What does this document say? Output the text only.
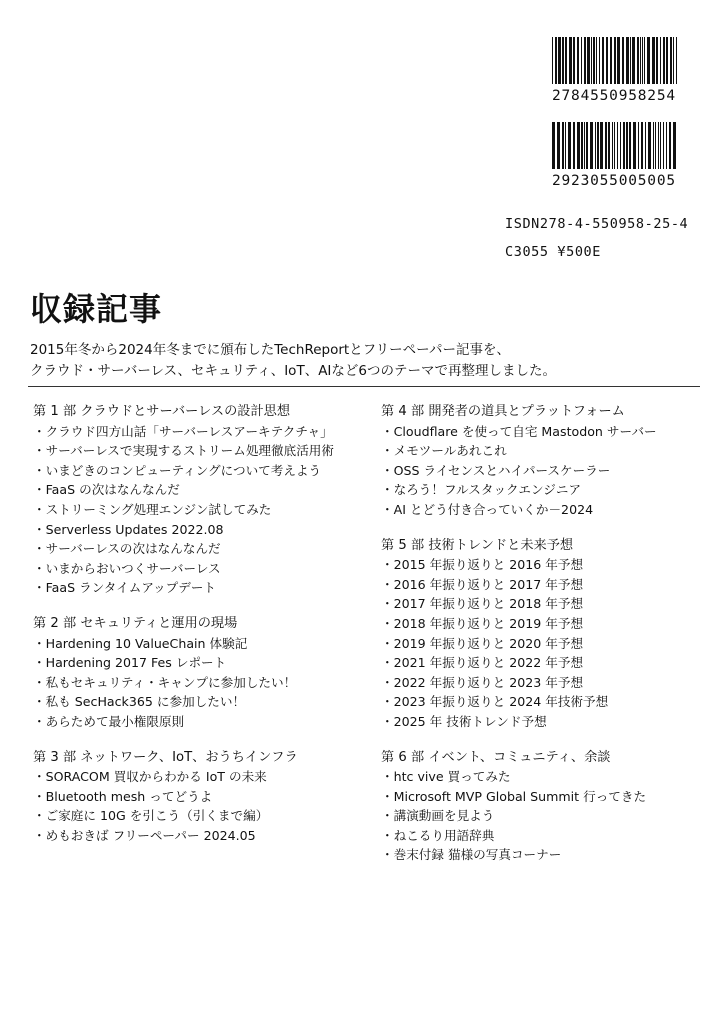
2784550958254
2923055005005
ISDN278-4-550958-25-4
C3055 ¥500E
収録記事
2015年冬から2024年冬までに頒布したTechReportとフリーペーパー記事を、
クラウド・サーバーレス、セキュリティ、IoT、AIなど6つのテーマで再整理しました。
第 1 部 クラウドとサーバーレスの設計思想
・クラウド四方山話「サーバーレスアーキテクチャ」
・サーバーレスで実現するストリーム処理徹底活用術
・いまどきのコンピューティングについて考えよう
・FaaS の次はなんなんだ
・ストリーミング処理エンジン試してみた
・Serverless Updates 2022.08
・サーバーレスの次はなんなんだ
・いまからおいつくサーバーレス
・FaaS ランタイムアップデート
第 2 部 セキュリティと運用の現場
・Hardening 10 ValueChain 体験記
・Hardening 2017 Fes レポート
・私もセキュリティ・キャンプに参加したい！
・私も SecHack365 に参加したい！
・あらためて最小権限原則
第 3 部 ネットワーク、IoT、おうちインフラ
・SORACOM 買収からわかる IoT の未来
・Bluetooth mesh ってどうよ
・ご家庭に 10G を引こう（引くまで編）
・めもおきば フリーペーパー 2024.05
第 4 部 開発者の道具とプラットフォーム
・Cloudflare を使って自宅 Mastodon サーバー
・メモツールあれこれ
・OSS ライセンスとハイパースケーラー
・なろう！フルスタックエンジニア
・AI とどう付き合っていくか－2024
第 5 部 技術トレンドと未来予想
・2015 年振り返りと 2016 年予想
・2016 年振り返りと 2017 年予想
・2017 年振り返りと 2018 年予想
・2018 年振り返りと 2019 年予想
・2019 年振り返りと 2020 年予想
・2021 年振り返りと 2022 年予想
・2022 年振り返りと 2023 年予想
・2023 年振り返りと 2024 年技術予想
・2025 年 技術トレンド予想
第 6 部 イベント、コミュニティ、余談
・htc vive 買ってみた
・Microsoft MVP Global Summit 行ってきた
・講演動画を見よう
・ねこるり用語辞典
・巻末付録 猫様の写真コーナー
